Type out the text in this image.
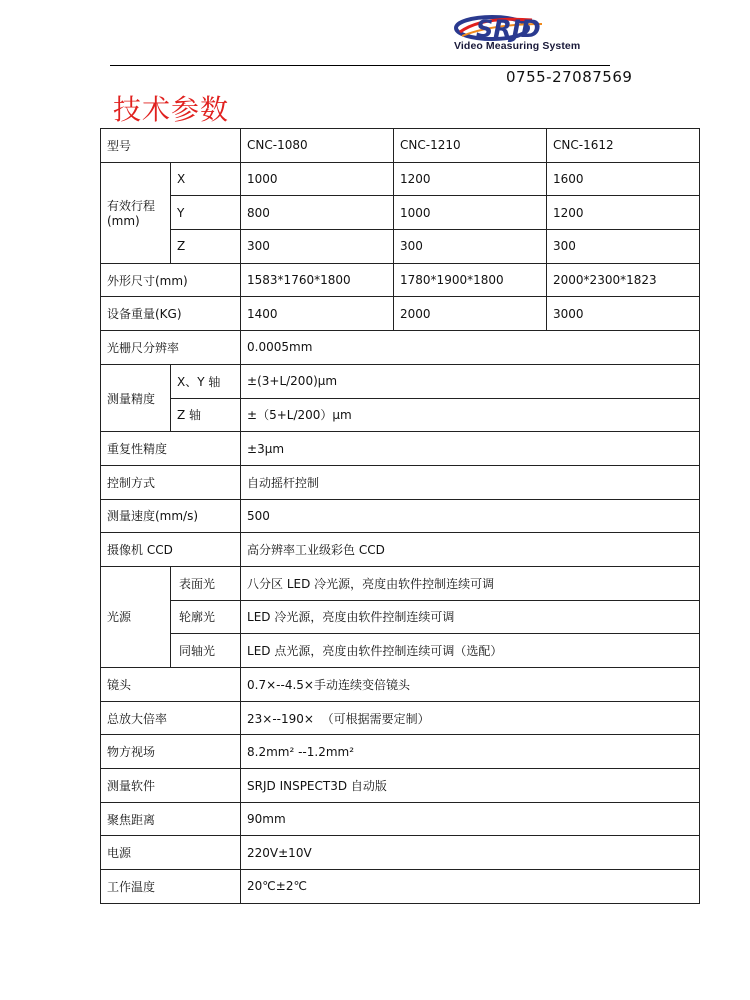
SRJD
Video Measuring System
0755-27087569
技术参数
型号		CNC-1080	CNC-1210	CNC-1612
有效行程
(mm)	X	1000	1200	1600
	Y	800	1000	1200
	Z	300	300	300
外形尺寸(mm)		1583*1760*1800	1780*1900*1800	2000*2300*1823
设备重量(KG)		1400	2000	3000
光栅尺分辨率		0.0005mm		
测量精度	X、Y 轴	±(3+L/200)μm		
	Z 轴	±（5+L/200）μm		
重复性精度		±3μm		
控制方式		自动摇杆控制		
测量速度(mm/s)		500		
摄像机 CCD		高分辨率工业级彩色 CCD		
光源	表面光	八分区 LED 冷光源，亮度由软件控制连续可调		
	轮廓光	LED 冷光源，亮度由软件控制连续可调		
	同轴光	LED 点光源，亮度由软件控制连续可调（选配）		
镜头		0.7×--4.5×手动连续变倍镜头		
总放大倍率		23×--190×  （可根据需要定制）		
物方视场		8.2mm² --1.2mm²		
测量软件		SRJD INSPECT3D 自动版		
聚焦距离		90mm		
电源		220V±10V		
工作温度		20℃±2℃		
